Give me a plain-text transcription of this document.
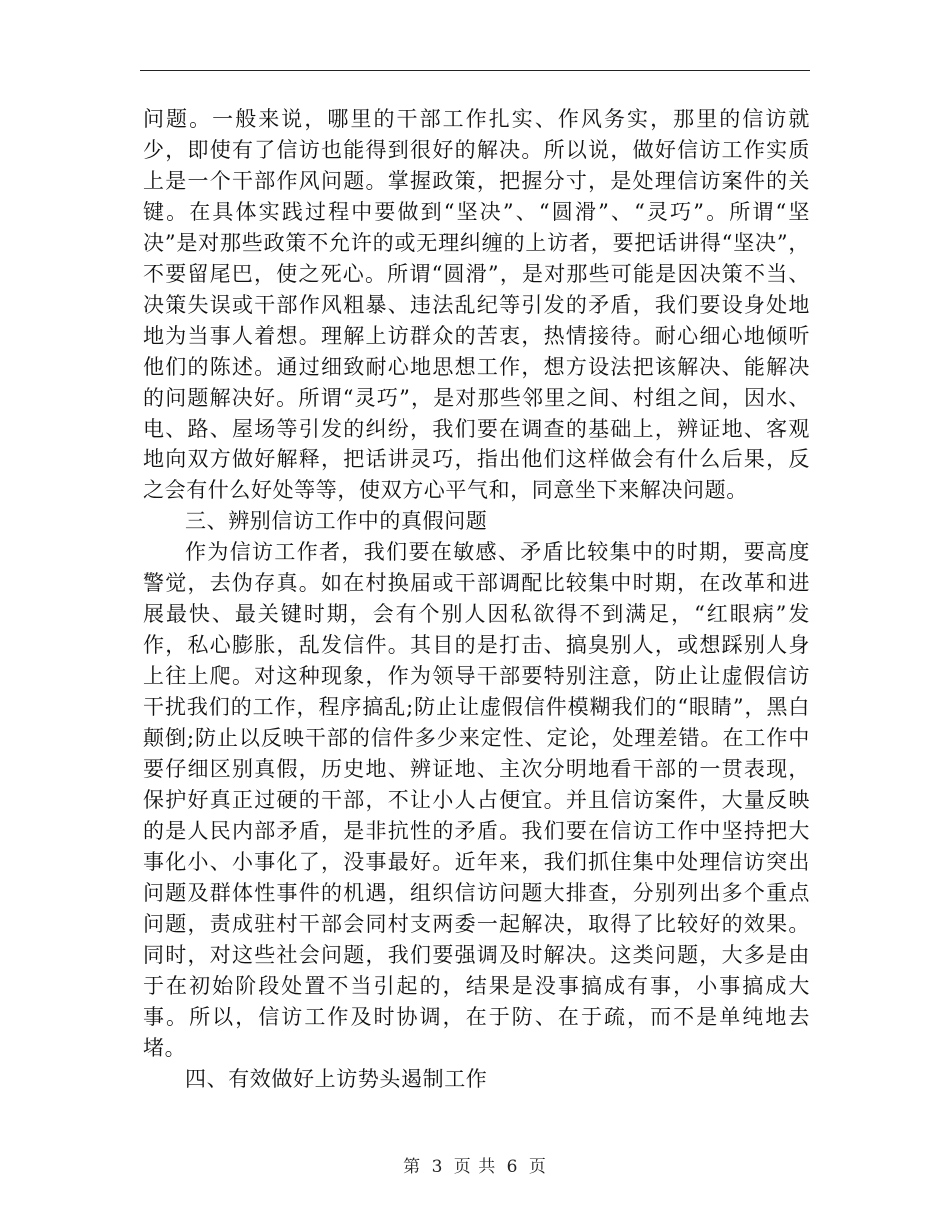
问题。一般来说，哪里的干部工作扎实、作风务实，那里的信访就少，即使有了信访也能得到很好的解决。所以说，做好信访工作实质上是一个干部作风问题。掌握政策，把握分寸，是处理信访案件的关键。在具体实践过程中要做到“坚决”、“圆滑”、“灵巧”。所谓“坚决”是对那些政策不允许的或无理纠缠的上访者，要把话讲得“坚决”，不要留尾巴，使之死心。所谓“圆滑”，是对那些可能是因决策不当、决策失误或干部作风粗暴、违法乱纪等引发的矛盾，我们要设身处地地为当事人着想。理解上访群众的苦衷，热情接待。耐心细心地倾听他们的陈述。通过细致耐心地思想工作，想方设法把该解决、能解决的问题解决好。所谓“灵巧”，是对那些邻里之间、村组之间，因水、电、路、屋场等引发的纠纷，我们要在调查的基础上，辨证地、客观地向双方做好解释，把话讲灵巧，指出他们这样做会有什么后果，反之会有什么好处等等，使双方心平气和，同意坐下来解决问题。

三、辨别信访工作中的真假问题

作为信访工作者，我们要在敏感、矛盾比较集中的时期，要高度警觉，去伪存真。如在村换届或干部调配比较集中时期，在改革和进展最快、最关键时期，会有个别人因私欲得不到满足，“红眼病”发作，私心膨胀，乱发信件。其目的是打击、搞臭别人，或想踩别人身上往上爬。对这种现象，作为领导干部要特别注意，防止让虚假信访干扰我们的工作，程序搞乱;防止让虚假信件模糊我们的“眼睛”，黑白颠倒;防止以反映干部的信件多少来定性、定论，处理差错。在工作中要仔细区别真假，历史地、辨证地、主次分明地看干部的一贯表现，保护好真正过硬的干部，不让小人占便宜。并且信访案件，大量反映的是人民内部矛盾，是非抗性的矛盾。我们要在信访工作中坚持把大事化小、小事化了，没事最好。近年来，我们抓住集中处理信访突出问题及群体性事件的机遇，组织信访问题大排查，分别列出多个重点问题，责成驻村干部会同村支两委一起解决，取得了比较好的效果。同时，对这些社会问题，我们要强调及时解决。这类问题，大多是由于在初始阶段处置不当引起的，结果是没事搞成有事，小事搞成大事。所以，信访工作及时协调，在于防、在于疏，而不是单纯地去堵。

四、有效做好上访势头遏制工作

第 3 页 共 6 页
